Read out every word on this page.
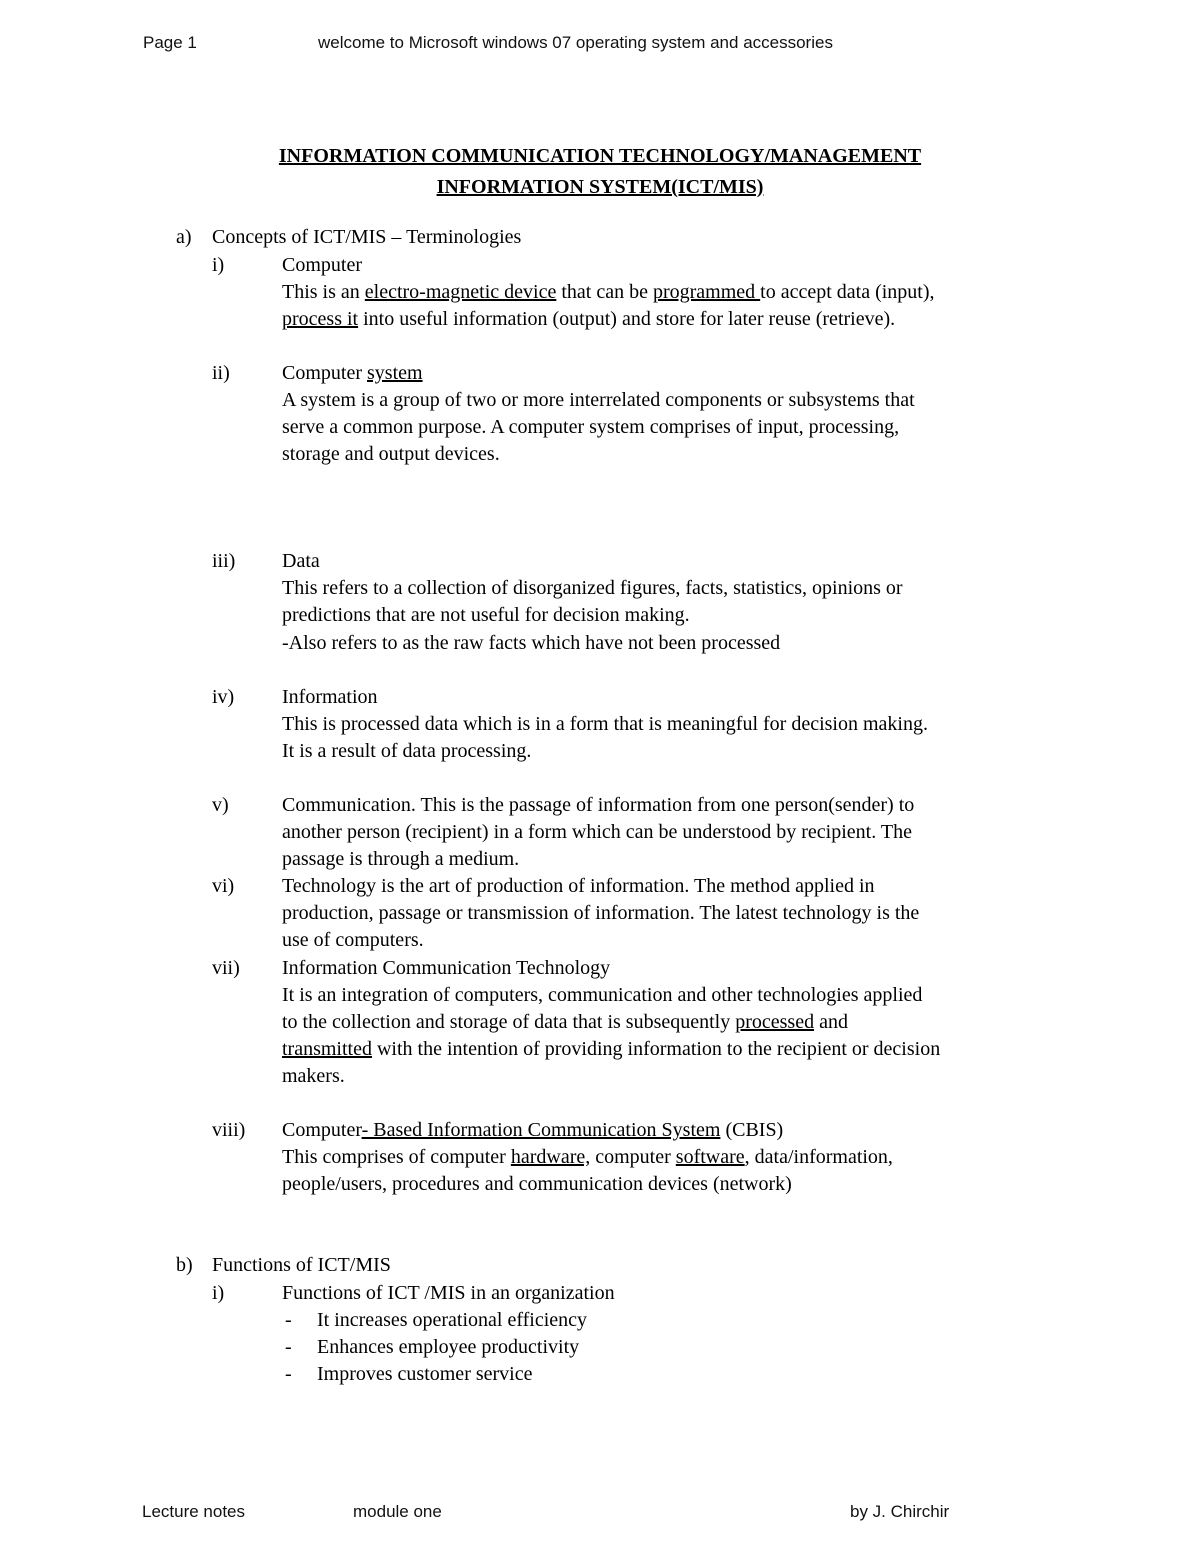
Page 1	welcome to Microsoft windows 07 operating system and accessories
INFORMATION COMMUNICATION TECHNOLOGY/MANAGEMENT
INFORMATION SYSTEM(ICT/MIS)
a) Concepts of ICT/MIS – Terminologies
i)	Computer
This is an electro-magnetic device that can be programmed to accept data (input),
process it into useful information (output) and store for later reuse (retrieve).
ii)	Computer system
A system is a group of two or more interrelated components or subsystems that
serve a common purpose. A computer system comprises of input, processing,
storage and output devices.
iii) Data
This refers to a collection of disorganized figures, facts, statistics, opinions or
predictions that are not useful for decision making.
-Also refers to as the raw facts which have not been processed
iv) Information
This is processed data which is in a form that is meaningful for decision making.
It is a result of data processing.
v)	Communication. This is the passage of information from one person(sender) to
another person (recipient) in a form which can be understood by recipient. The
passage is through a medium.
vi) Technology is the art of production of information. The method applied in
production, passage or transmission of information. The latest technology is the
use of computers.
vii) Information Communication Technology
It is an integration of computers, communication and other technologies applied
to the collection and storage of data that is subsequently processed and
transmitted with the intention of providing information to the recipient or decision
makers.
viii) Computer- Based Information Communication System (CBIS)
This comprises of computer hardware, computer software, data/information,
people/users, procedures and communication devices (network)
b) Functions of ICT/MIS
i)	Functions of ICT /MIS in an organization
- It increases operational efficiency
- Enhances employee productivity
- Improves customer service
Lecture notes	module one	by J. Chirchir
